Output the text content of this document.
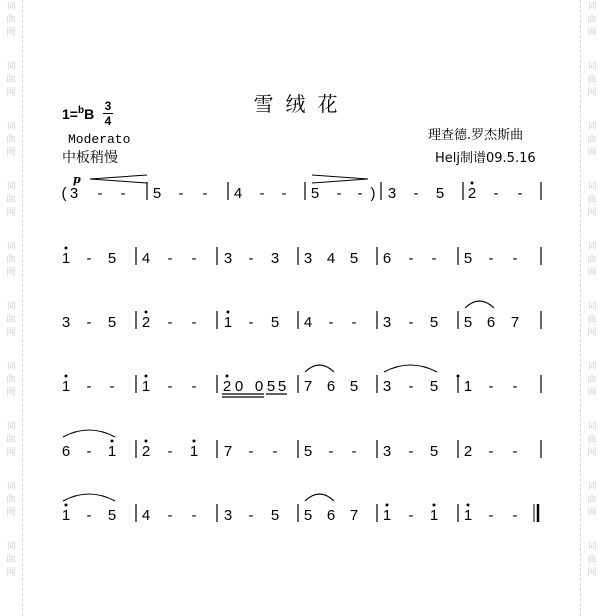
词
曲
网
词
曲
网
词
曲
网
词
曲
网
词
曲
网
词
曲
网
词
曲
网
词
曲
网
词
曲
网
词
曲
网
词
曲
网
词
曲
网
词
曲
网
词
曲
网
词
曲
网
词
曲
网
词
曲
网
词
曲
网
词
曲
网
词
曲
网
雪绒花
1=$^b$B 3
4
Moderato
中板稍慢
理查德.罗杰斯曲
Helj制谱09.5.16
p
( 3 - - 5 - - 4 - - 5 - - ) 3 - 5 2 - -
1 - 5 4 - - 3 - 3 3 4 5 6 - - 5 - -
3 - 5 2 - - 1 - 5 4 - - 3 - 5 5 6 7
1 - - 1 - - 2 0 0 5 5 7 6 5 3 - 5 1 - -
6 - 1 2 - 1 7 - - 5 - - 3 - 5 2 - -
1 - 5 4 - - 3 - 5 5 6 7 1 - 1 1 - -
